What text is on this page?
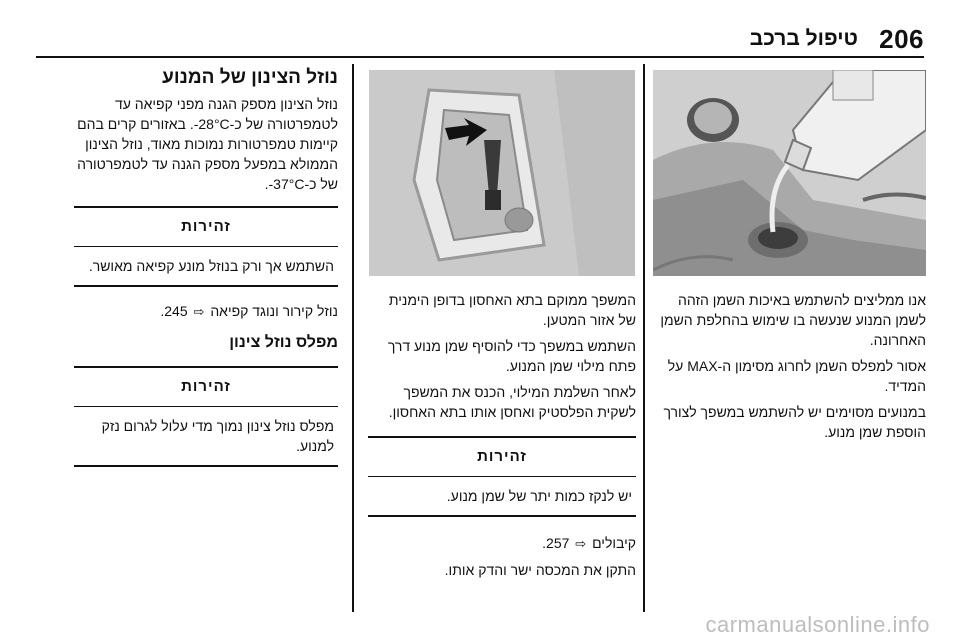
206
טיפול ברכב

אנו ממליצים להשתמש באיכות השמן הזהה לשמן המנוע שנעשה בו שימוש בהחלפת השמן האחרונה.

אסור למפלס השמן לחרוג מסימון ה-MAX על המדיד.

במנועים מסוימים יש להשתמש במשפך לצורך הוספת שמן מנוע.

המשפך ממוקם בתא האחסון בדופן הימנית של אזור המטען.

השתמש במשפך כדי להוסיף שמן מנוע דרך פתח מילוי שמן המנוע.

לאחר השלמת המילוי, הכנס את המשפך לשקית הפלסטיק ואחסן אותו בתא האחסון.

זהירות
יש לנקז כמות יתר של שמן מנוע.

קיבולים ⇨ 257.

התקן את המכסה ישר והדק אותו.

נוזל הצינון של המנוע

נוזל הצינון מספק הגנה מפני קפיאה עד לטמפרטורה של כ-28°C-. באזורים קרים בהם קיימות טמפרטורות נמוכות מאוד, נוזל הצינון הממולא במפעל מספק הגנה עד לטמפרטורה של כ-37°C-.

זהירות
השתמש אך ורק בנוזל מונע קפיאה מאושר.

נוזל קירור ונוגד קפיאה ⇨ 245.

מפלס נוזל צינון
זהירות
מפלס נוזל צינון נמוך מדי עלול לגרום נזק למנוע.
carmanualsonline.info
